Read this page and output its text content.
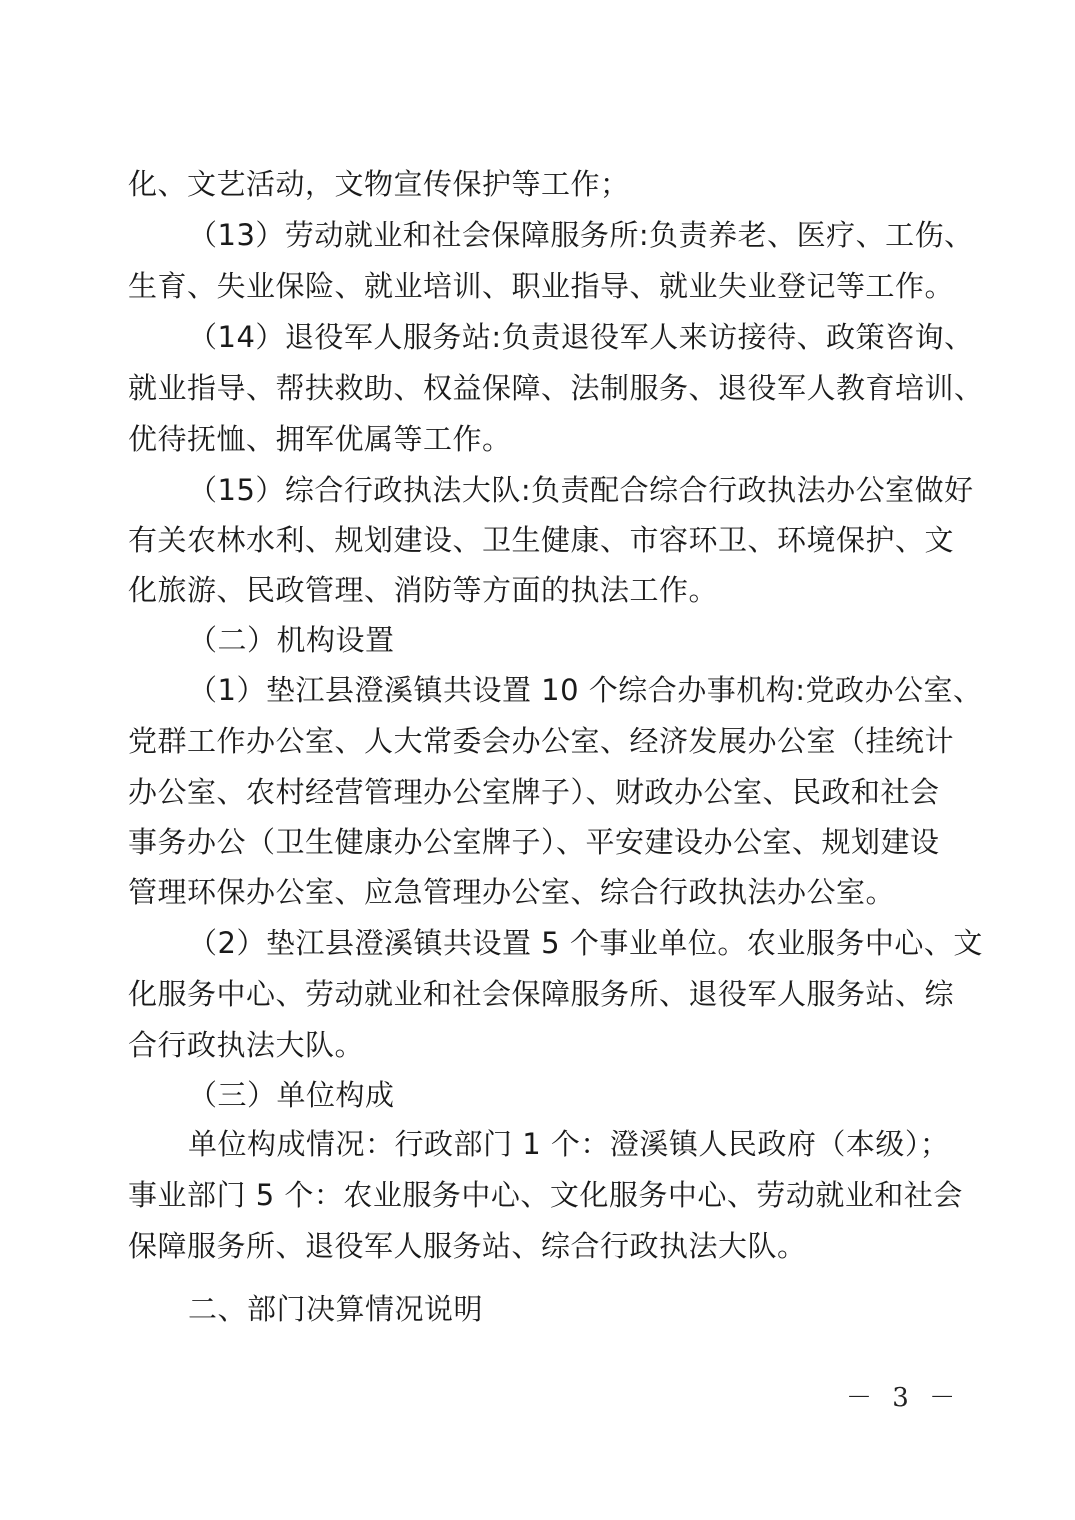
化、文艺活动，文物宣传保护等工作；
（13）劳动就业和社会保障服务所:负责养老、医疗、工伤、
生育、失业保险、就业培训、职业指导、就业失业登记等工作。
（14）退役军人服务站:负责退役军人来访接待、政策咨询、
就业指导、帮扶救助、权益保障、法制服务、退役军人教育培训、
优待抚恤、拥军优属等工作。
（15）综合行政执法大队:负责配合综合行政执法办公室做好
有关农林水利、规划建设、卫生健康、市容环卫、环境保护、文
化旅游、民政管理、消防等方面的执法工作。
（二）机构设置
（1）垫江县澄溪镇共设置 10 个综合办事机构:党政办公室、
党群工作办公室、人大常委会办公室、经济发展办公室（挂统计
办公室、农村经营管理办公室牌子）、财政办公室、民政和社会
事务办公（卫生健康办公室牌子）、平安建设办公室、规划建设
管理环保办公室、应急管理办公室、综合行政执法办公室。
（2）垫江县澄溪镇共设置 5 个事业单位。农业服务中心、文
化服务中心、劳动就业和社会保障服务所、退役军人服务站、综
合行政执法大队。
（三）单位构成
单位构成情况：行政部门 1 个：澄溪镇人民政府（本级）；
事业部门 5 个：农业服务中心、文化服务中心、劳动就业和社会
保障服务所、退役军人服务站、综合行政执法大队。
二、部门决算情况说明
－ 3 －
